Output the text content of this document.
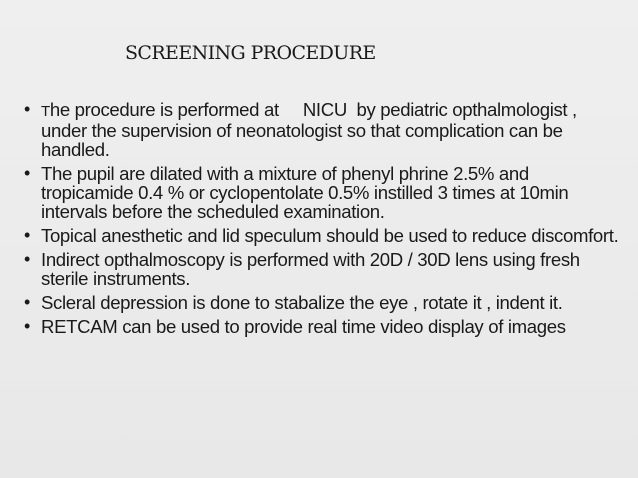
SCREENING PROCEDURE
• The procedure is performed at     NICU  by pediatric opthalmologist , under the supervision of neonatologist so that complication can be handled.
• The pupil are dilated with a mixture of phenyl phrine 2.5% and tropicamide 0.4 % or cyclopentolate 0.5% instilled 3 times at 10min intervals before the scheduled examination.
• Topical anesthetic and lid speculum should be used to reduce discomfort.
• Indirect opthalmoscopy is performed with 20D / 30D lens using fresh sterile instruments.
• Scleral depression is done to stabalize the eye , rotate it , indent it.
• RETCAM can be used to provide real time video display of images
